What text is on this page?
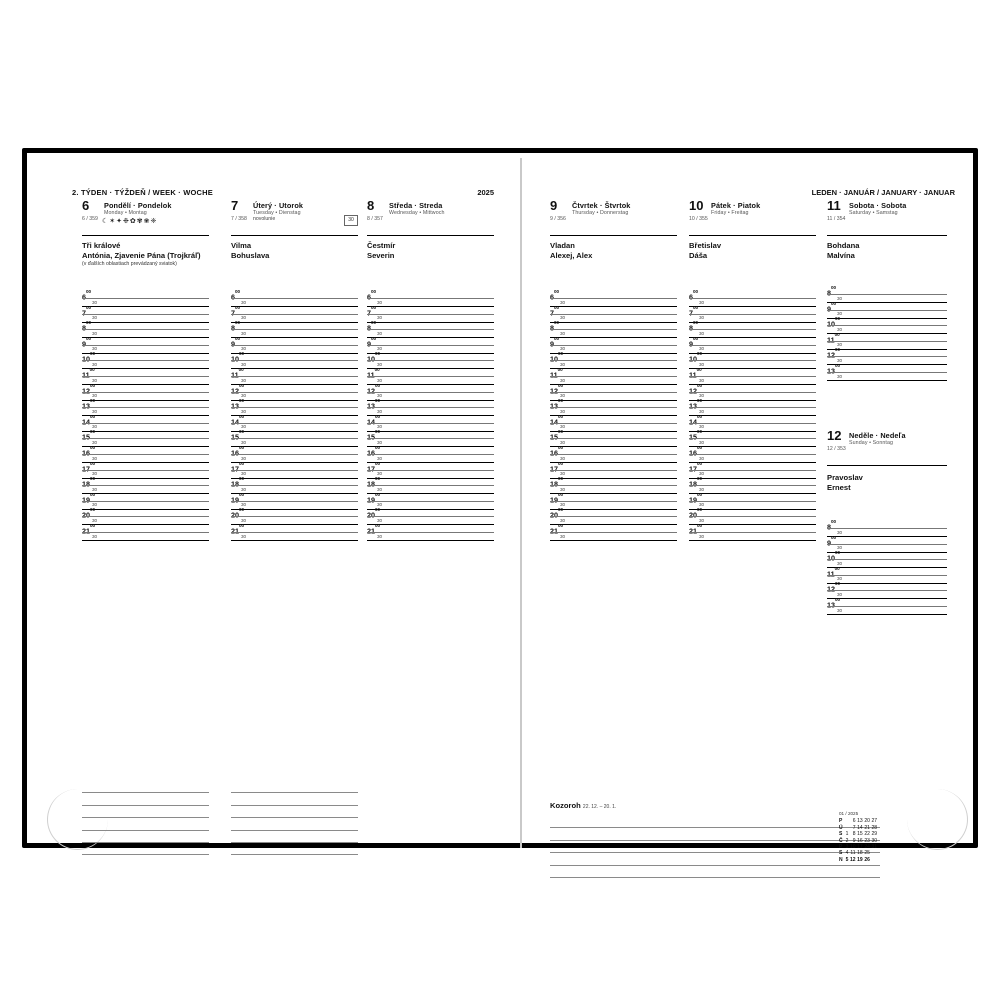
2. TÝDEN · TÝŽDEŇ / WEEK · WOCHE	2025	LEDEN · JANUÁR / JANUARY · JANUAR
6 Pondělí · Pondelok
Monday • Montag
6 / 359 ☾✶✦❉✿✾❀❈
Tři králové
Antónia, Zjavenie Pána (Trojkráľ)
(v ďalších oblastiach prevádzaný sviatok)
$6^{00}$
30
$7^{00}$
30
$8^{00}$
30
$9^{00}$
30
$10^{00}$
30
$11^{00}$
30
$12^{00}$
30
$13^{00}$
30
$14^{00}$
30
$15^{00}$
30
$16^{00}$
30
$17^{00}$
30
$18^{00}$
30
$19^{00}$
30
$20^{00}$
30
$21^{00}$
30
7 Úterý · Utorok
Tuesday • Dienstag
7 / 358 novolunie	30
Vilma
Bohuslava
$6^{00}$
30
$7^{00}$
30
$8^{00}$
30
$9^{00}$
30
$10^{00}$
30
$11^{00}$
30
$12^{00}$
30
$13^{00}$
30
$14^{00}$
30
$15^{00}$
30
$16^{00}$
30
$17^{00}$
30
$18^{00}$
30
$19^{00}$
30
$20^{00}$
30
$21^{00}$
30
8 Středa · Streda
Wednesday • Mittwoch
8 / 357
Čestmír
Severin
$6^{00}$
30
$7^{00}$
30
$8^{00}$
30
$9^{00}$
30
$10^{00}$
30
$11^{00}$
30
$12^{00}$
30
$13^{00}$
30
$14^{00}$
30
$15^{00}$
30
$16^{00}$
30
$17^{00}$
30
$18^{00}$
30
$19^{00}$
30
$20^{00}$
30
$21^{00}$
30
9 Čtvrtek · Štvrtok
Thursday • Donnerstag
9 / 356
Vladan
Alexej, Alex
$6^{00}$
30
$7^{00}$
30
$8^{00}$
30
$9^{00}$
30
$10^{00}$
30
$11^{00}$
30
$12^{00}$
30
$13^{00}$
30
$14^{00}$
30
$15^{00}$
30
$16^{00}$
30
$17^{00}$
30
$18^{00}$
30
$19^{00}$
30
$20^{00}$
30
$21^{00}$
30
Kozoroh 22. 12. – 20. 1.
10 Pátek · Piatok
Friday • Freitag
10 / 355
Břetislav
Dáša
$6^{00}$
30
$7^{00}$
30
$8^{00}$
30
$9^{00}$
30
$10^{00}$
30
$11^{00}$
30
$12^{00}$
30
$13^{00}$
30
$14^{00}$
30
$15^{00}$
30
$16^{00}$
30
$17^{00}$
30
$18^{00}$
30
$19^{00}$
30
$20^{00}$
30
$21^{00}$
30
11 Sobota · Sobota
Saturday • Samstag
11 / 354
Bohdana
Malvína
$8^{00}$
30
$9^{00}$
30
$10^{00}$
30
$11^{00}$
30
$12^{00}$
30
$13^{00}$
30
12 Neděle · Nedeľa
Sunday • Sonntag
12 / 353
Pravoslav
Ernest
$8^{00}$
30
$9^{00}$
30
$10^{00}$
30
$11^{00}$
30
$12^{00}$
30
$13^{00}$
30
01 / 2025
P		6	13	20	27
Ú		7	14	21	28
S	1	8	15	22	29
Č	2	9	16	23	30
P	3	10	17	24	31
S	4	11	18	25	
N	5	12	19	26	
